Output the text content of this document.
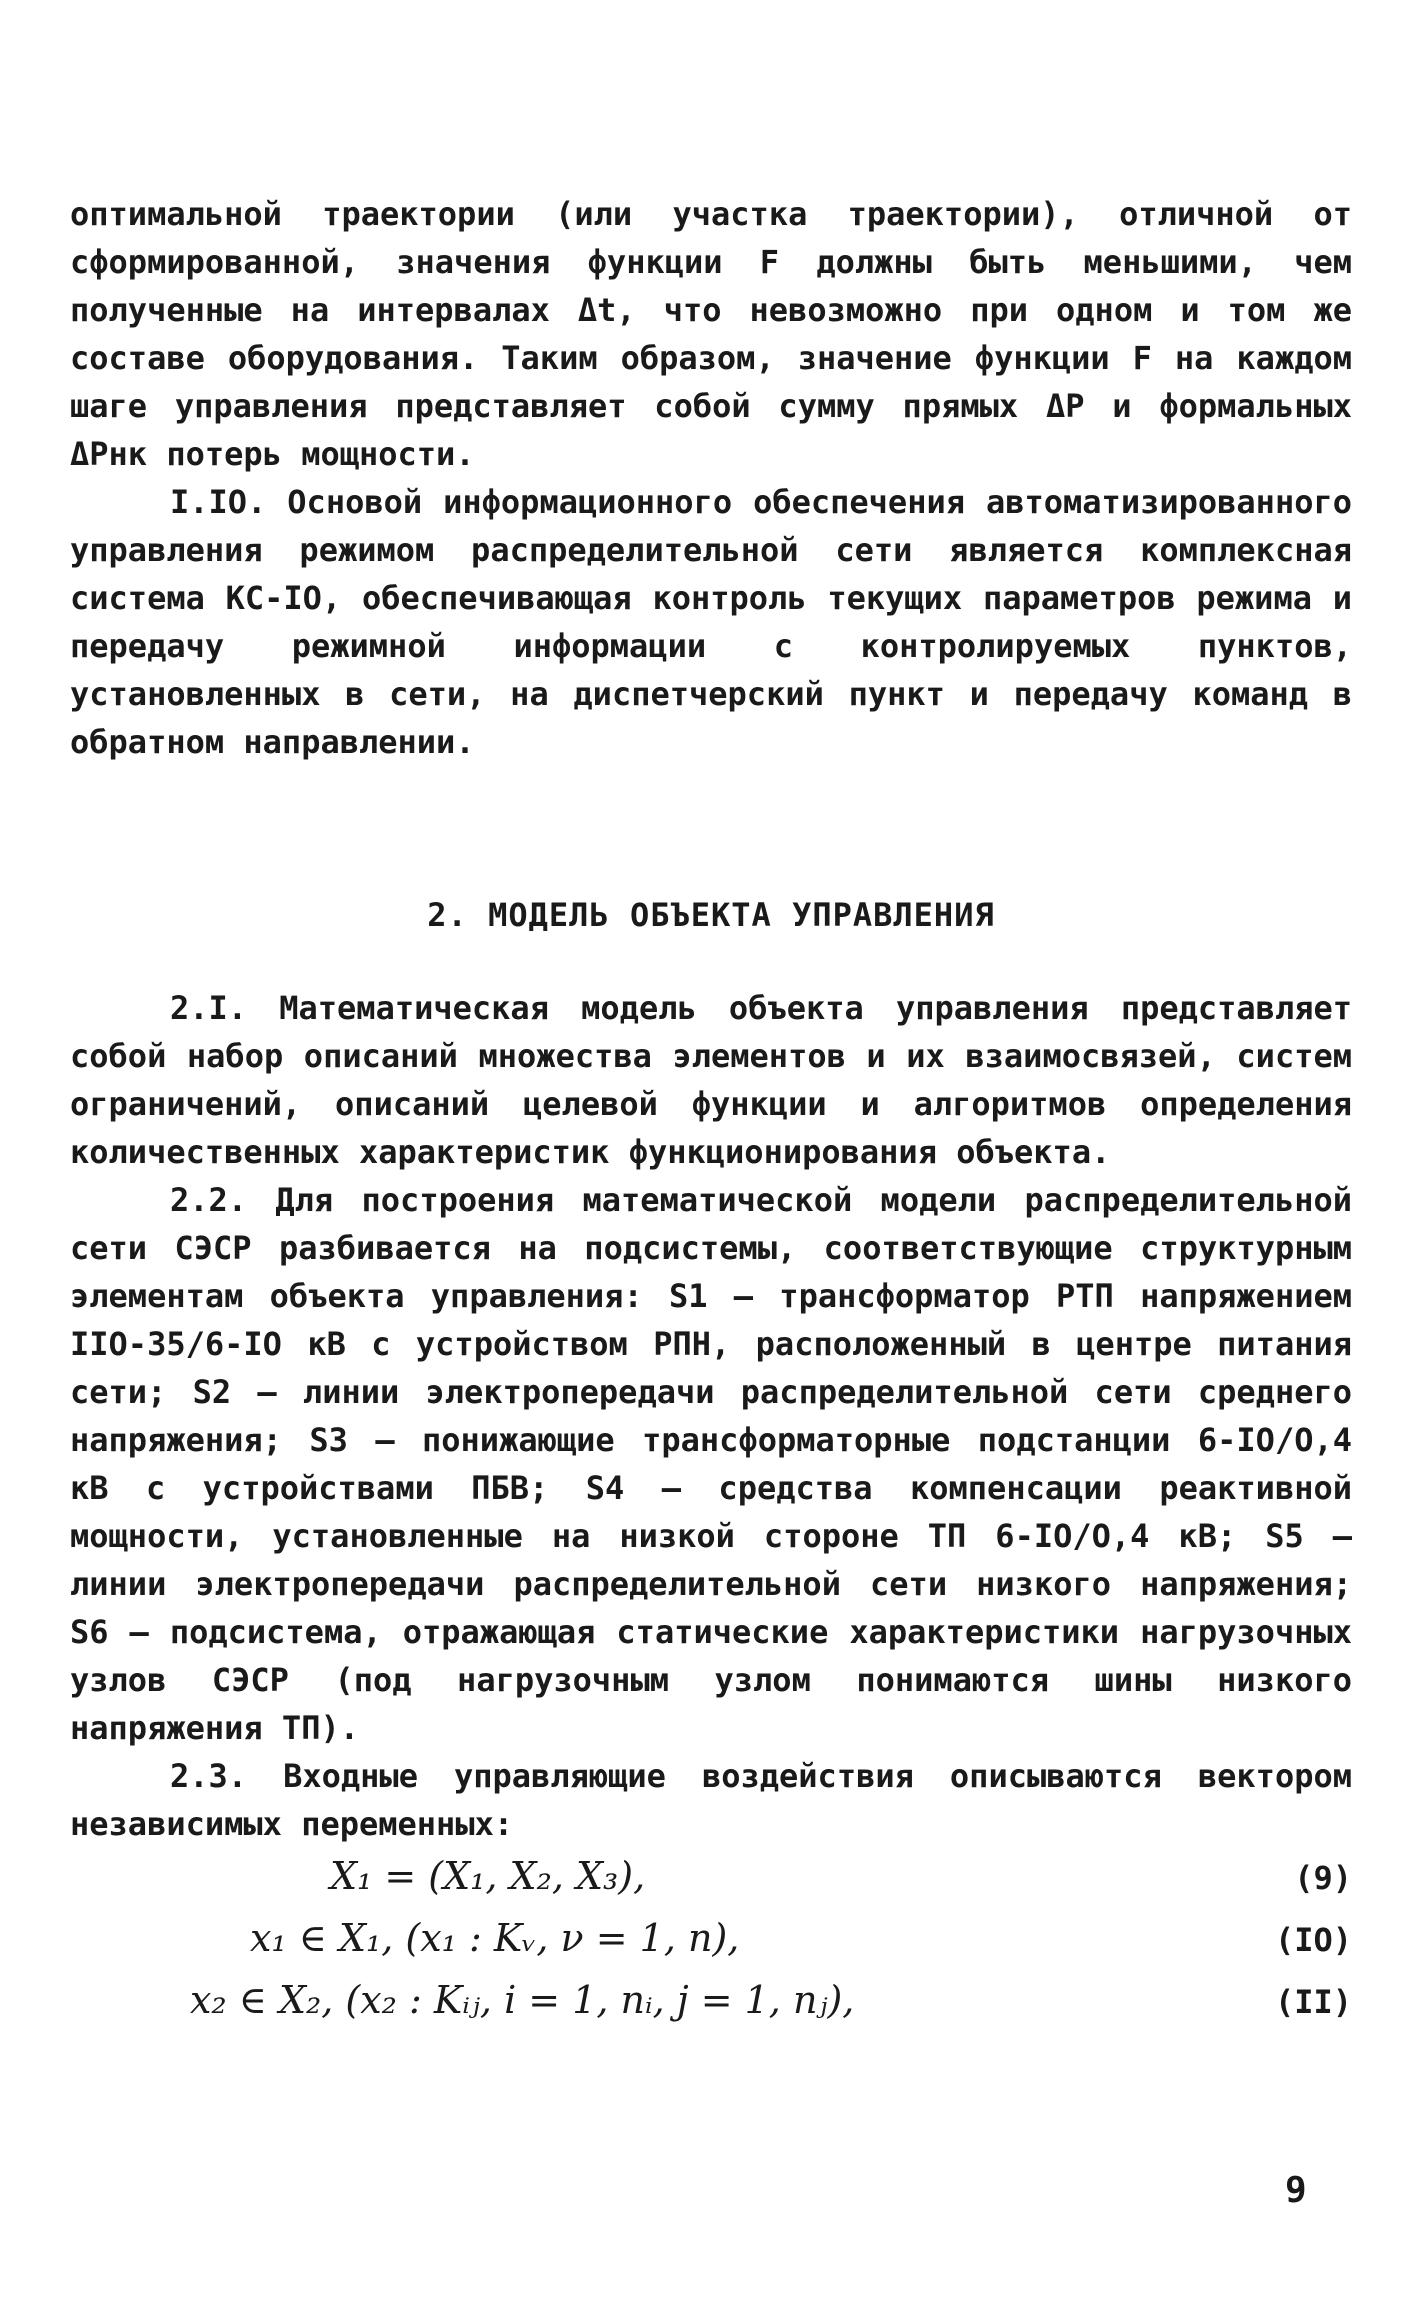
оптимальной траектории (или участка траектории), отличной от сформированной, значения функции F должны быть меньшими, чем полученные на интервалах Δt, что невозможно при одном и том же составе оборудования. Таким образом, значение функции F на каждом шаге управления представляет собой сумму прямых ΔP и формальных ΔPнк потерь мощности.

I.IO. Основой информационного обеспечения автоматизированного управления режимом распределительной сети является комплексная система КС-IO, обеспечивающая контроль текущих параметров режима и передачу режимной информации с контролируемых пунктов, установленных в сети, на диспетчерский пункт и передачу команд в обратном направлении.

2. МОДЕЛЬ ОБЪЕКТА УПРАВЛЕНИЯ

2.I. Математическая модель объекта управления представляет собой набор описаний множества элементов и их взаимосвязей, систем ограничений, описаний целевой функции и алгоритмов определения количественных характеристик функционирования объекта.

2.2. Для построения математической модели распределительной сети СЭСР разбивается на подсистемы, соответствующие структурным элементам объекта управления: S1 – трансформатор РТП напряжением IIO-35/6-IO кВ с устройством РПН, расположенный в центре питания сети; S2 – линии электропередачи распределительной сети среднего напряжения; S3 – понижающие трансформаторные подстанции 6-IO/O,4 кВ с устройствами ПБВ; S4 – средства компенсации реактивной мощности, установленные на низкой стороне ТП 6-IO/O,4 кВ; S5 – линии электропередачи распределительной сети низкого напряжения; S6 – подсистема, отражающая статические характеристики нагрузочных узлов СЭСР (под нагрузочным узлом понимаются шины низкого напряжения ТП).

2.3. Входные управляющие воздействия описываются вектором независимых переменных:

X₁ = (X₁, X₂, X₃),	(9)
x₁ ∈ X₁, (x₁ : Kᵥ, ν = 1, n),	(IO)
x₂ ∈ X₂, (x₂ : Kᵢⱼ, i = 1, nᵢ, j = 1, nⱼ),	(II)
9
